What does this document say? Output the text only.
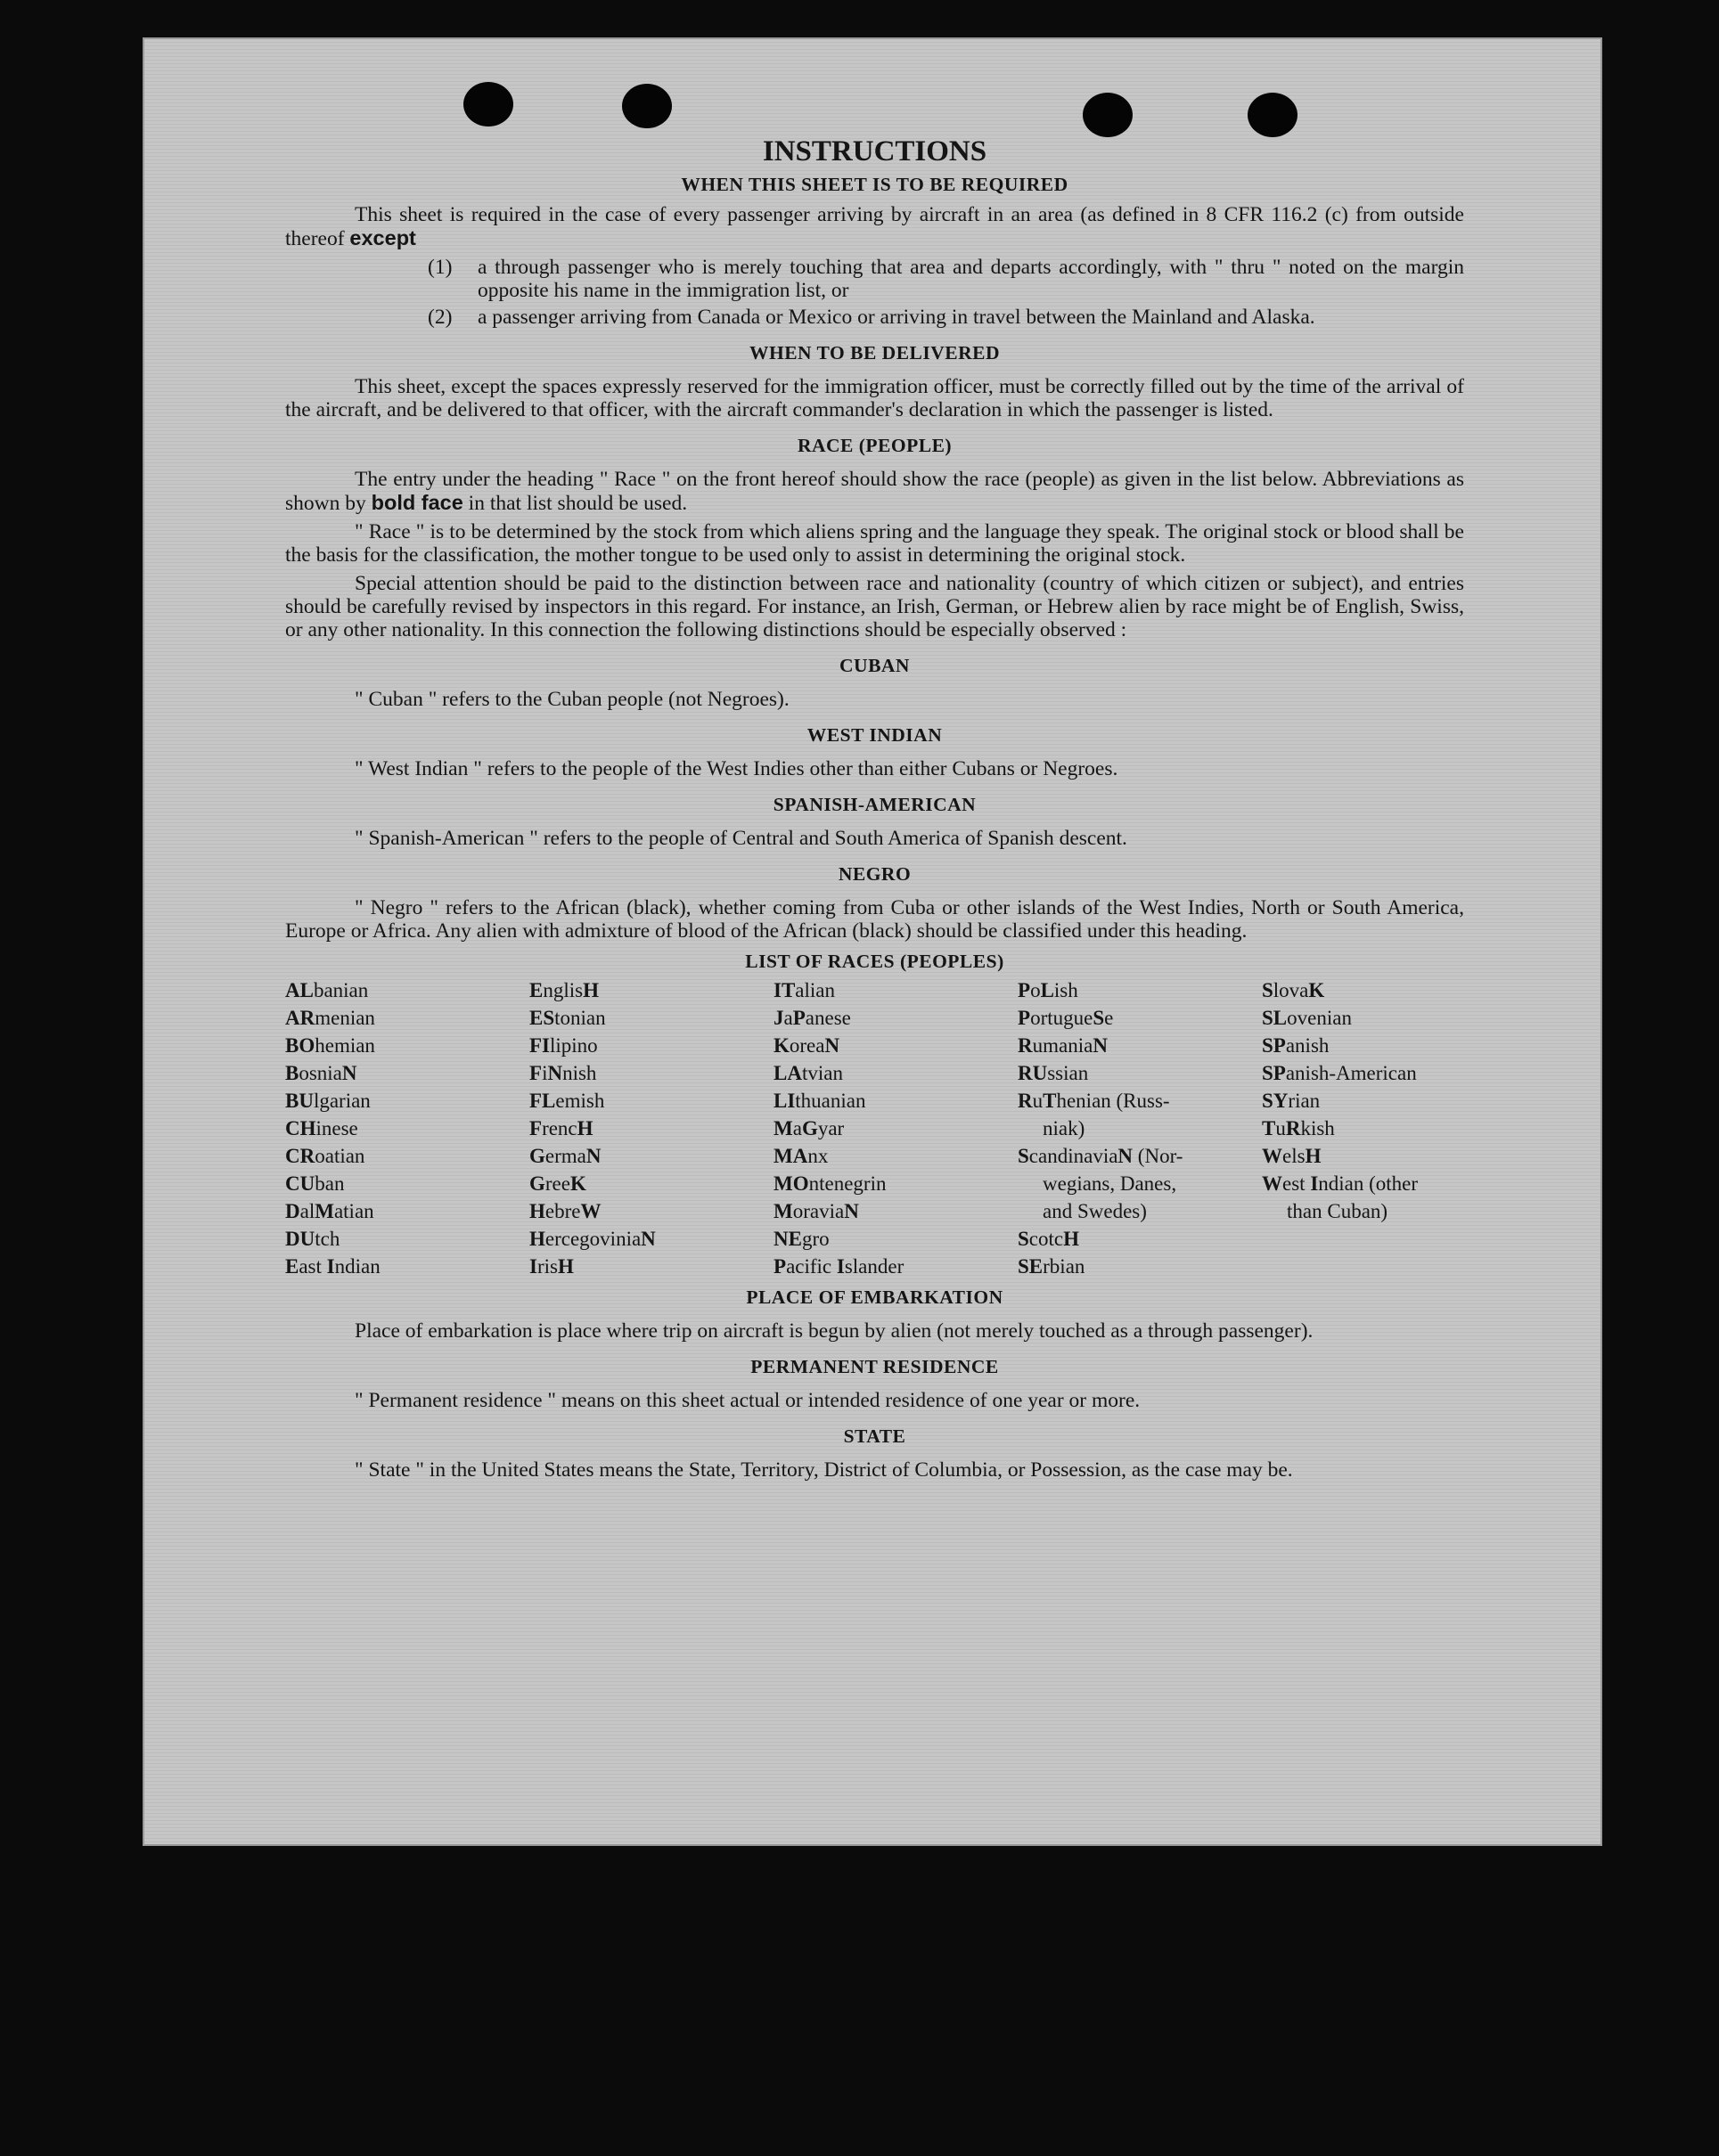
INSTRUCTIONS
WHEN THIS SHEET IS TO BE REQUIRED

This sheet is required in the case of every passenger arriving by aircraft in an area (as defined in 8 CFR 116.2 (c) from outside thereof except

(1)	a through passenger who is merely touching that area and departs accordingly, with " thru " noted on the margin opposite his name in the immigration list, or
(2)	a passenger arriving from Canada or Mexico or arriving in travel between the Mainland and Alaska.
WHEN TO BE DELIVERED

This sheet, except the spaces expressly reserved for the immigration officer, must be correctly filled out by the time of the arrival of the aircraft, and be delivered to that officer, with the aircraft commander's declaration in which the passenger is listed.

RACE (PEOPLE)

The entry under the heading " Race " on the front hereof should show the race (people) as given in the list below. Abbreviations as shown by bold face in that list should be used.

" Race " is to be determined by the stock from which aliens spring and the language they speak. The original stock or blood shall be the basis for the classification, the mother tongue to be used only to assist in determining the original stock.

Special attention should be paid to the distinction between race and nationality (country of which citizen or subject), and entries should be carefully revised by inspectors in this regard. For instance, an Irish, German, or Hebrew alien by race might be of English, Swiss, or any other nationality. In this connection the following distinctions should be especially observed :

CUBAN

" Cuban " refers to the Cuban people (not Negroes).

WEST INDIAN

" West Indian " refers to the people of the West Indies other than either Cubans or Negroes.

SPANISH-AMERICAN

" Spanish-American " refers to the people of Central and South America of Spanish descent.

NEGRO

" Negro " refers to the African (black), whether coming from Cuba or other islands of the West Indies, North or South America, Europe or Africa. Any alien with admixture of blood of the African (black) should be classified under this heading.

LIST OF RACES (PEOPLES)
ALbanian
ARmenian
BOhemian
BosniaN
BUlgarian
CHinese
CRoatian
CUban
DalMatian
DUtch
East Indian
EnglisH
EStonian
FIlipino
FiNnish
FLemish
FrencH
GermaN
GreeK
HebreW
HercegoviniaN
IrisH
ITalian
JaPanese
KoreaN
LAtvian
LIthuanian
MaGyar
MAnx
MOntenegrin
MoraviaN
NEgro
Pacific Islander
PoLish
PortugueSe
RumaniaN
RUssian
RuThenian (Russ-
niak)
ScandinaviaN (Nor-
wegians, Danes,
and Swedes)
ScotcH
SErbian
SlovaK
SLovenian
SPanish
SPanish-American
SYrian
TuRkish
WelsH
West Indian (other
than Cuban)
PLACE OF EMBARKATION

Place of embarkation is place where trip on aircraft is begun by alien (not merely touched as a through passenger).

PERMANENT RESIDENCE

" Permanent residence " means on this sheet actual or intended residence of one year or more.

STATE

" State " in the United States means the State, Territory, District of Columbia, or Possession, as the case may be.
